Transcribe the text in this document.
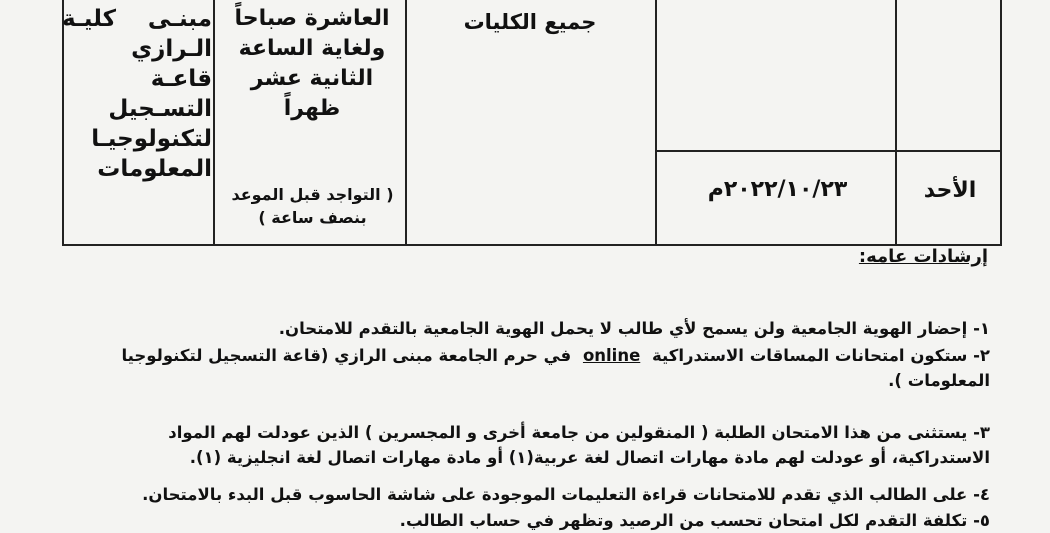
مبنـى كليـة الـرازي قاعـة التسـجيل لتكنولوجيـا المعلومات
العاشرة صباحاً ولغاية الساعة الثانية عشر ظهراً
( التواجد قبل الموعد بنصف ساعة )
جميع الكليات
٢٠٢٢/١٠/٢٣م	الأحد
إرشادات عامه:
١- إحضار الهوية الجامعية ولن يسمح لأي طالب لا يحمل الهوية الجامعية بالتقدم للامتحان.
٢- ستكون امتحانات المساقات الاستدراكية online في حرم الجامعة مبنى الرازي (قاعة التسجيل لتكنولوجيا المعلومات ).
٣- يستثنى من هذا الامتحان الطلبة ( المنقولين من جامعة أخرى و المجسرين ) الذين عودلت لهم المواد الاستدراكية، أو عودلت لهم مادة مهارات اتصال لغة عربية(١) أو مادة مهارات اتصال لغة انجليزية (١).
٤- على الطالب الذي تقدم للامتحانات قراءة التعليمات الموجودة على شاشة الحاسوب قبل البدء بالامتحان.
٥- تكلفة التقدم لكل امتحان تحسب من الرصيد وتظهر في حساب الطالب.
